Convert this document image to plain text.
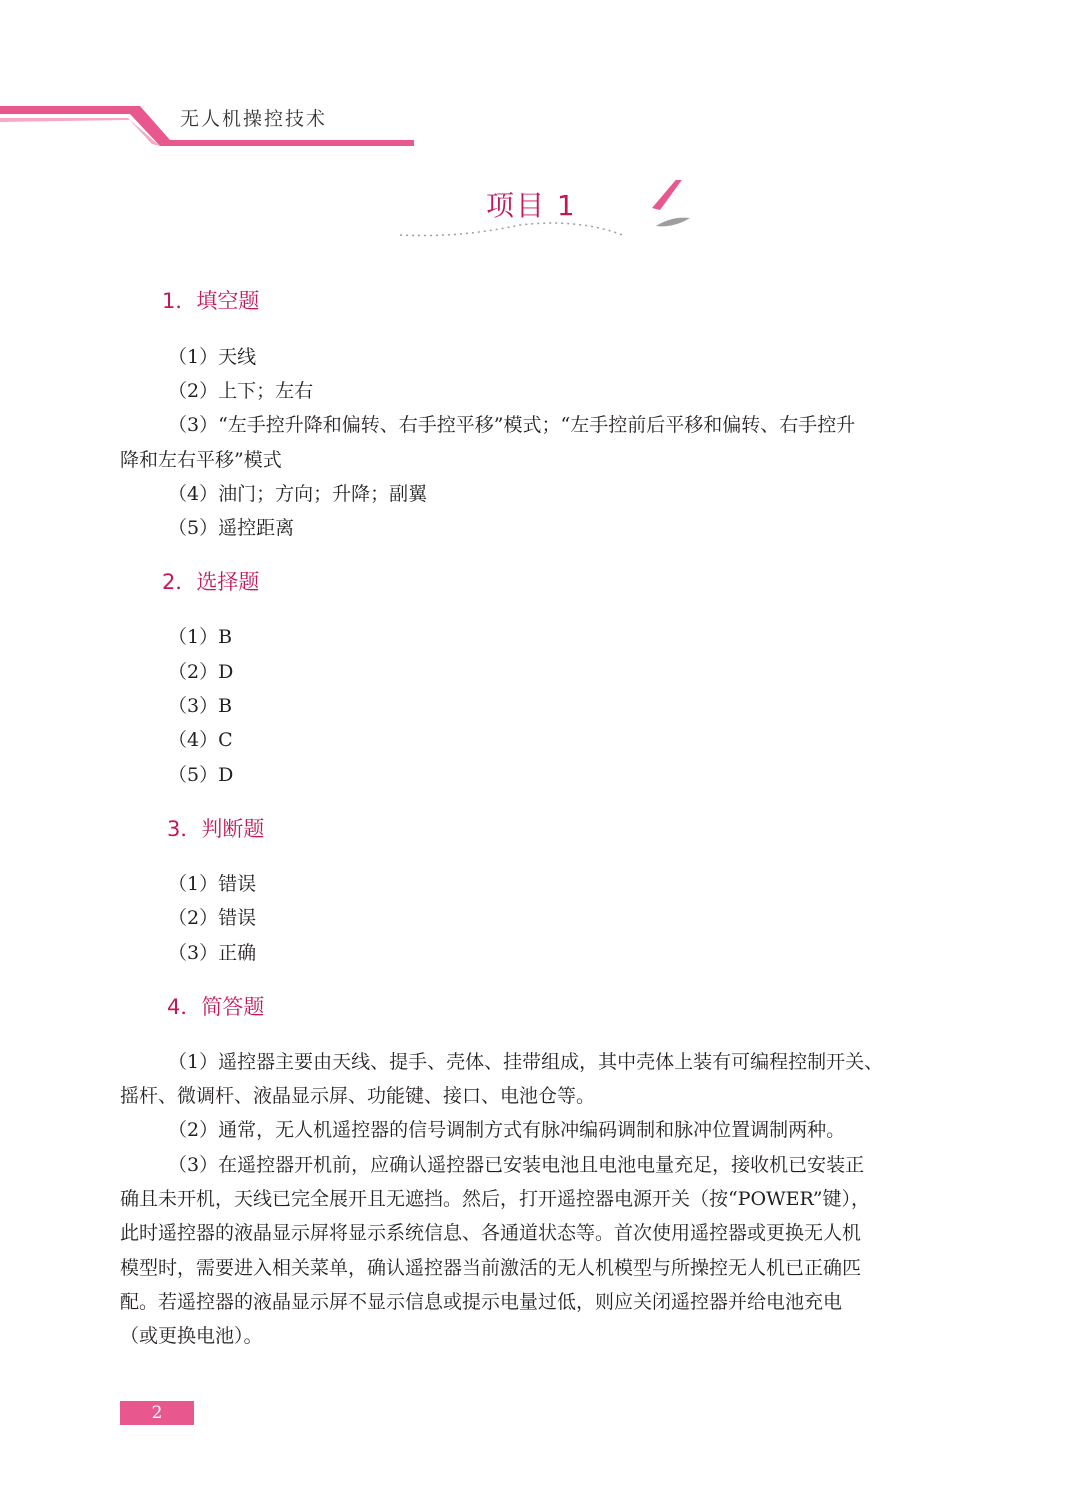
无人机操控技术
项目 1
1．填空题
（1）天线
（2）上下；左右
（3）“左手控升降和偏转、右手控平移”模式；“左手控前后平移和偏转、右手控升
降和左右平移”模式
（4）油门；方向；升降；副翼
（5）遥控距离
2．选择题
（1）B
（2）D
（3）B
（4）C
（5）D
3．判断题
（1）错误
（2）错误
（3）正确
4．简答题
（1）遥控器主要由天线、提手、壳体、挂带组成，其中壳体上装有可编程控制开关、
摇杆、微调杆、液晶显示屏、功能键、接口、电池仓等。
（2）通常，无人机遥控器的信号调制方式有脉冲编码调制和脉冲位置调制两种。
（3）在遥控器开机前，应确认遥控器已安装电池且电池电量充足，接收机已安装正
确且未开机，天线已完全展开且无遮挡。然后，打开遥控器电源开关（按“POWER”键），
此时遥控器的液晶显示屏将显示系统信息、各通道状态等。首次使用遥控器或更换无人机
模型时，需要进入相关菜单，确认遥控器当前激活的无人机模型与所操控无人机已正确匹
配。若遥控器的液晶显示屏不显示信息或提示电量过低，则应关闭遥控器并给电池充电
（或更换电池）。
2
